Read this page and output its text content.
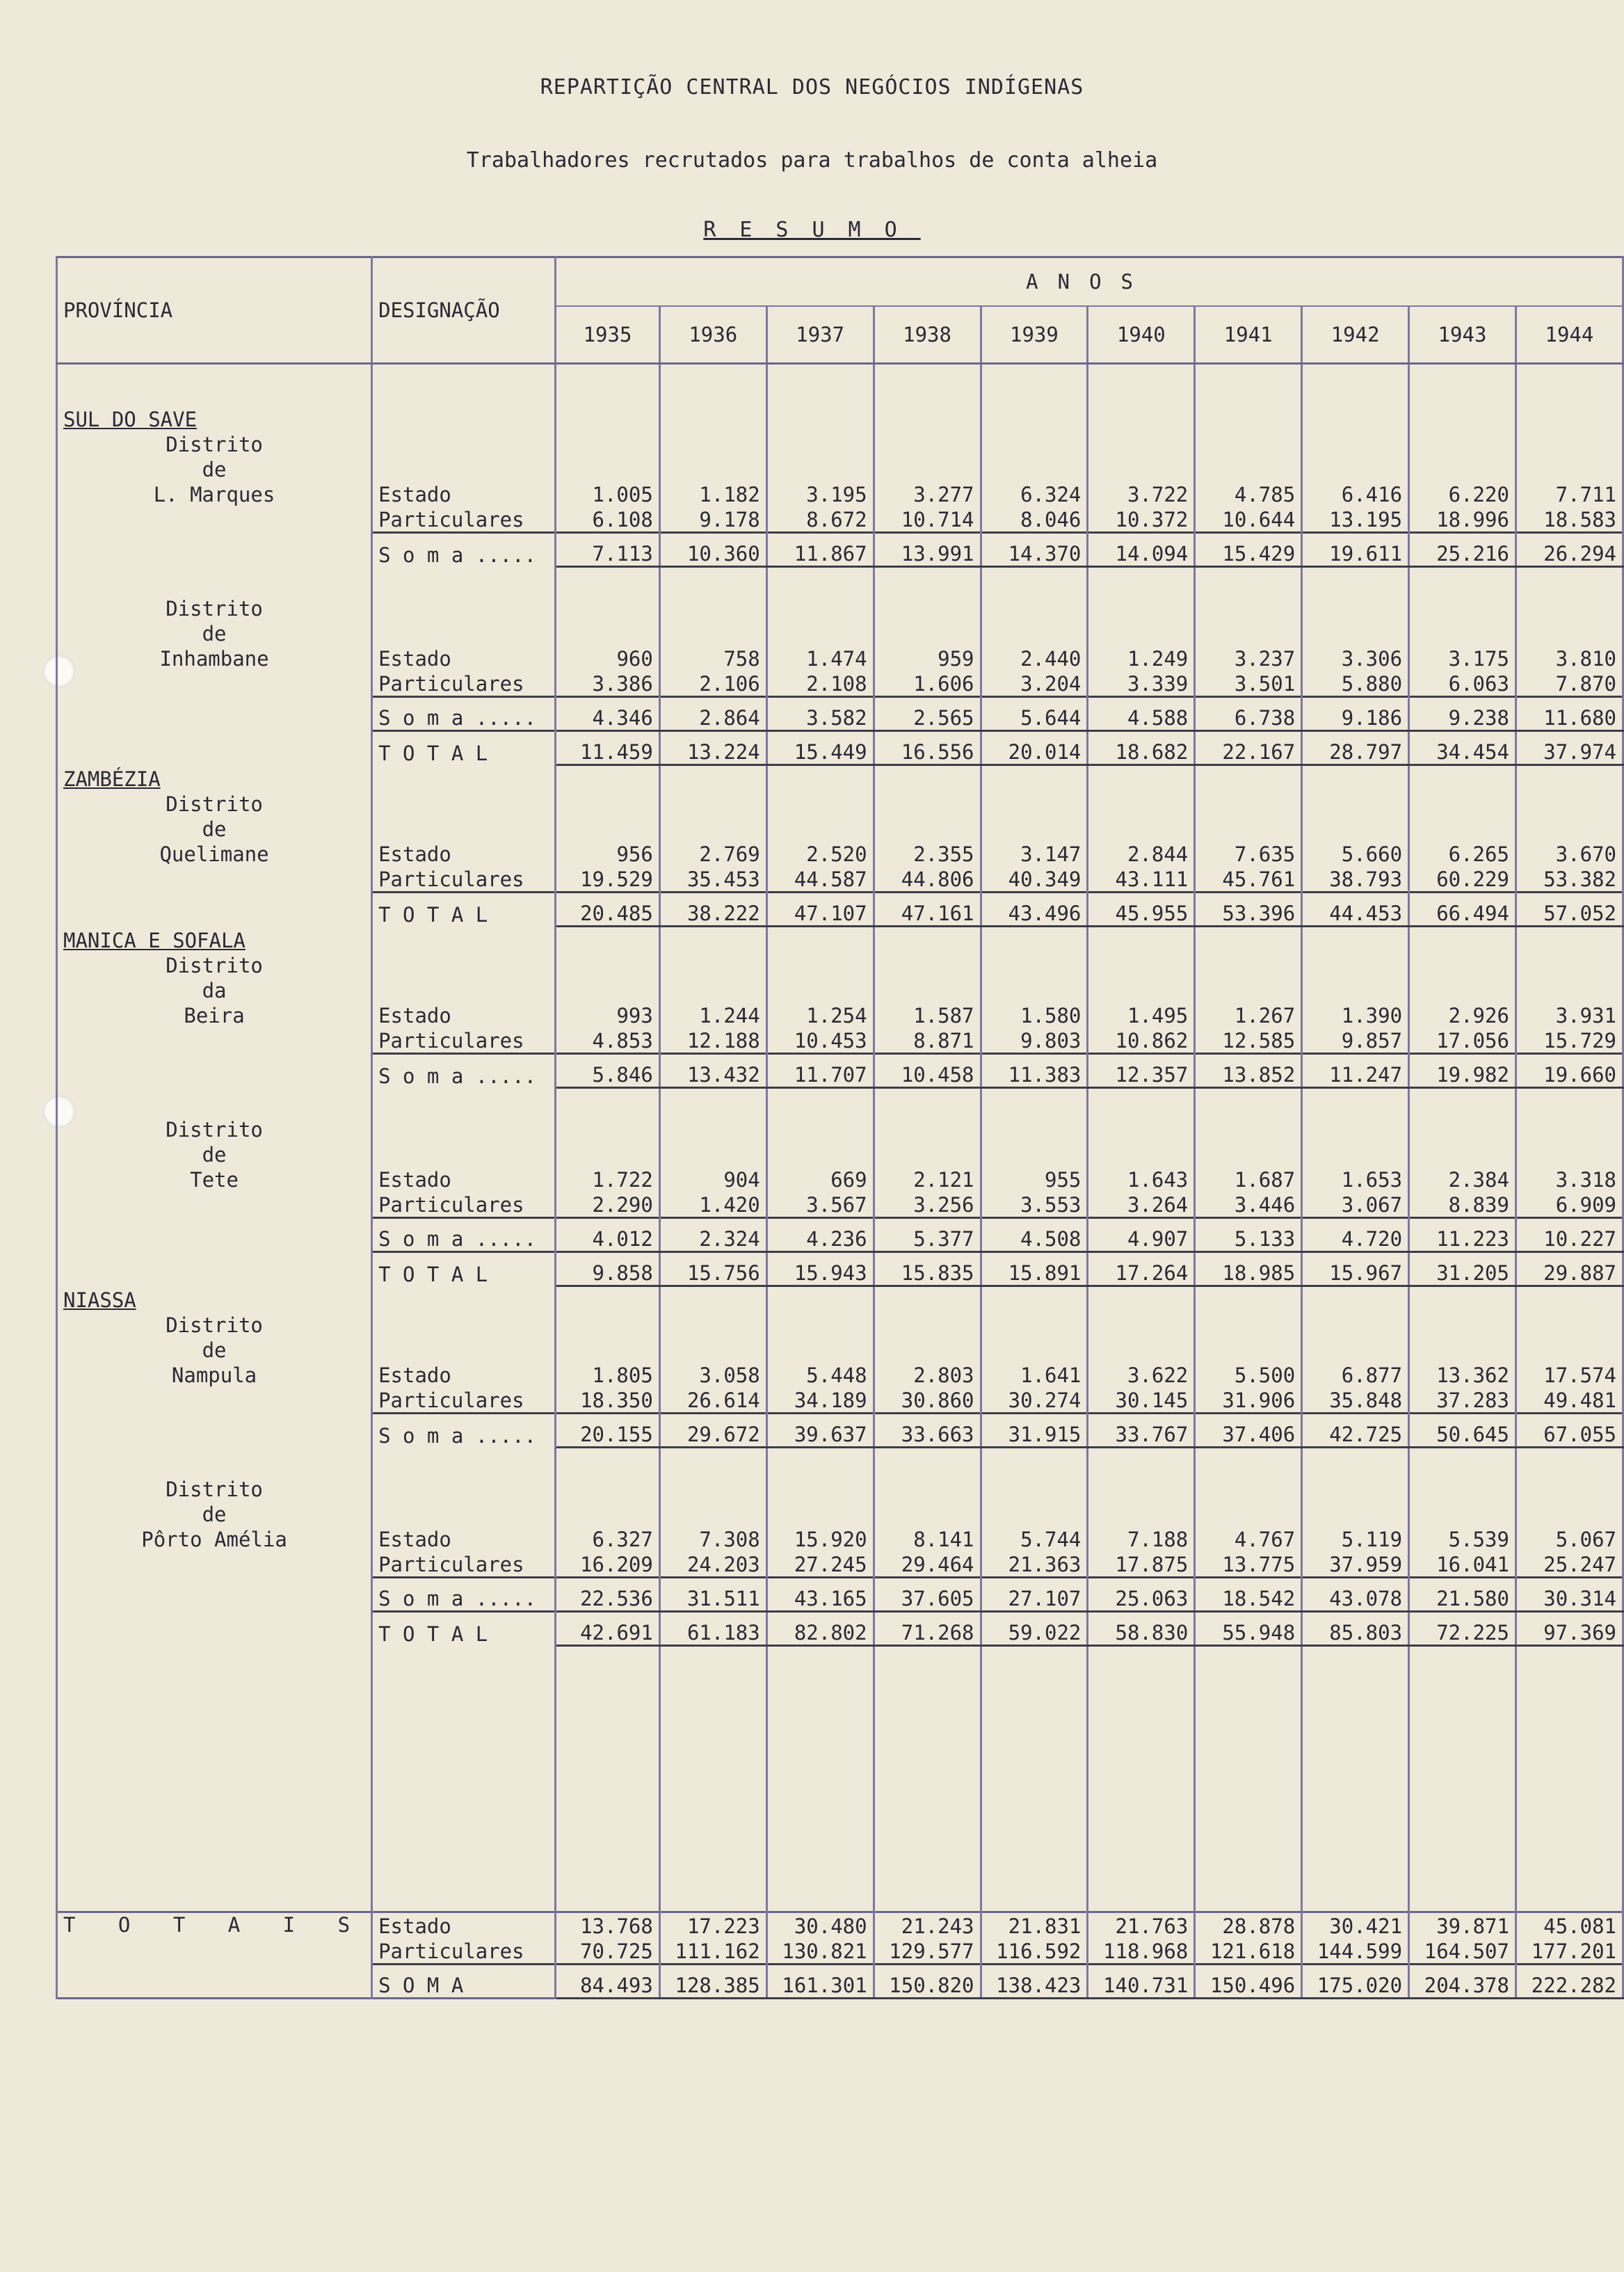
REPARTIÇÃO CENTRAL DOS NEGÓCIOS INDÍGENAS
Trabalhadores recrutados para trabalhos de conta alheia
RESUMO
PROVÍNCIA	DESIGNAÇÃO	ANOS									
		1935	1936	1937	1938	1939	1940	1941	1942	1943	1944

SUL DO SAVE											
Distrito											
de											
L. Marques	Estado	1.005	1.182	3.195	3.277	6.324	3.722	4.785	6.416	6.220	7.711
	Particulares	6.108	9.178	8.672	10.714	8.046	10.372	10.644	13.195	18.996	18.583
	S o m a .....	7.113	10.360	11.867	13.991	14.370	14.094	15.429	19.611	25.216	26.294

Distrito											
de											
Inhambane	Estado	960	758	1.474	959	2.440	1.249	3.237	3.306	3.175	3.810
	Particulares	3.386	2.106	2.108	1.606	3.204	3.339	3.501	5.880	6.063	7.870
	S o m a .....	4.346	2.864	3.582	2.565	5.644	4.588	6.738	9.186	9.238	11.680
	T O T A L	11.459	13.224	15.449	16.556	20.014	18.682	22.167	28.797	34.454	37.974
ZAMBÉZIA											
Distrito											
de											
Quelimane	Estado	956	2.769	2.520	2.355	3.147	2.844	7.635	5.660	6.265	3.670
	Particulares	19.529	35.453	44.587	44.806	40.349	43.111	45.761	38.793	60.229	53.382
	T O T A L	20.485	38.222	47.107	47.161	43.496	45.955	53.396	44.453	66.494	57.052
MANICA E SOFALA											
Distrito											
da											
Beira	Estado	993	1.244	1.254	1.587	1.580	1.495	1.267	1.390	2.926	3.931
	Particulares	4.853	12.188	10.453	8.871	9.803	10.862	12.585	9.857	17.056	15.729
	S o m a .....	5.846	13.432	11.707	10.458	11.383	12.357	13.852	11.247	19.982	19.660

Distrito											
de											
Tete	Estado	1.722	904	669	2.121	955	1.643	1.687	1.653	2.384	3.318
	Particulares	2.290	1.420	3.567	3.256	3.553	3.264	3.446	3.067	8.839	6.909
	S o m a .....	4.012	2.324	4.236	5.377	4.508	4.907	5.133	4.720	11.223	10.227
	T O T A L	9.858	15.756	15.943	15.835	15.891	17.264	18.985	15.967	31.205	29.887
NIASSA											
Distrito											
de											
Nampula	Estado	1.805	3.058	5.448	2.803	1.641	3.622	5.500	6.877	13.362	17.574
	Particulares	18.350	26.614	34.189	30.860	30.274	30.145	31.906	35.848	37.283	49.481
	S o m a .....	20.155	29.672	39.637	33.663	31.915	33.767	37.406	42.725	50.645	67.055

Distrito											
de											
Pôrto Amélia	Estado	6.327	7.308	15.920	8.141	5.744	7.188	4.767	5.119	5.539	5.067
	Particulares	16.209	24.203	27.245	29.464	21.363	17.875	13.775	37.959	16.041	25.247
	S o m a .....	22.536	31.511	43.165	37.605	27.107	25.063	18.542	43.078	21.580	30.314
	T O T A L	42.691	61.183	82.802	71.268	59.022	58.830	55.948	85.803	72.225	97.369

T O T A I S	Estado	13.768	17.223	30.480	21.243	21.831	21.763	28.878	30.421	39.871	45.081
	Particulares	70.725	111.162	130.821	129.577	116.592	118.968	121.618	144.599	164.507	177.201
	S O M A	84.493	128.385	161.301	150.820	138.423	140.731	150.496	175.020	204.378	222.282
